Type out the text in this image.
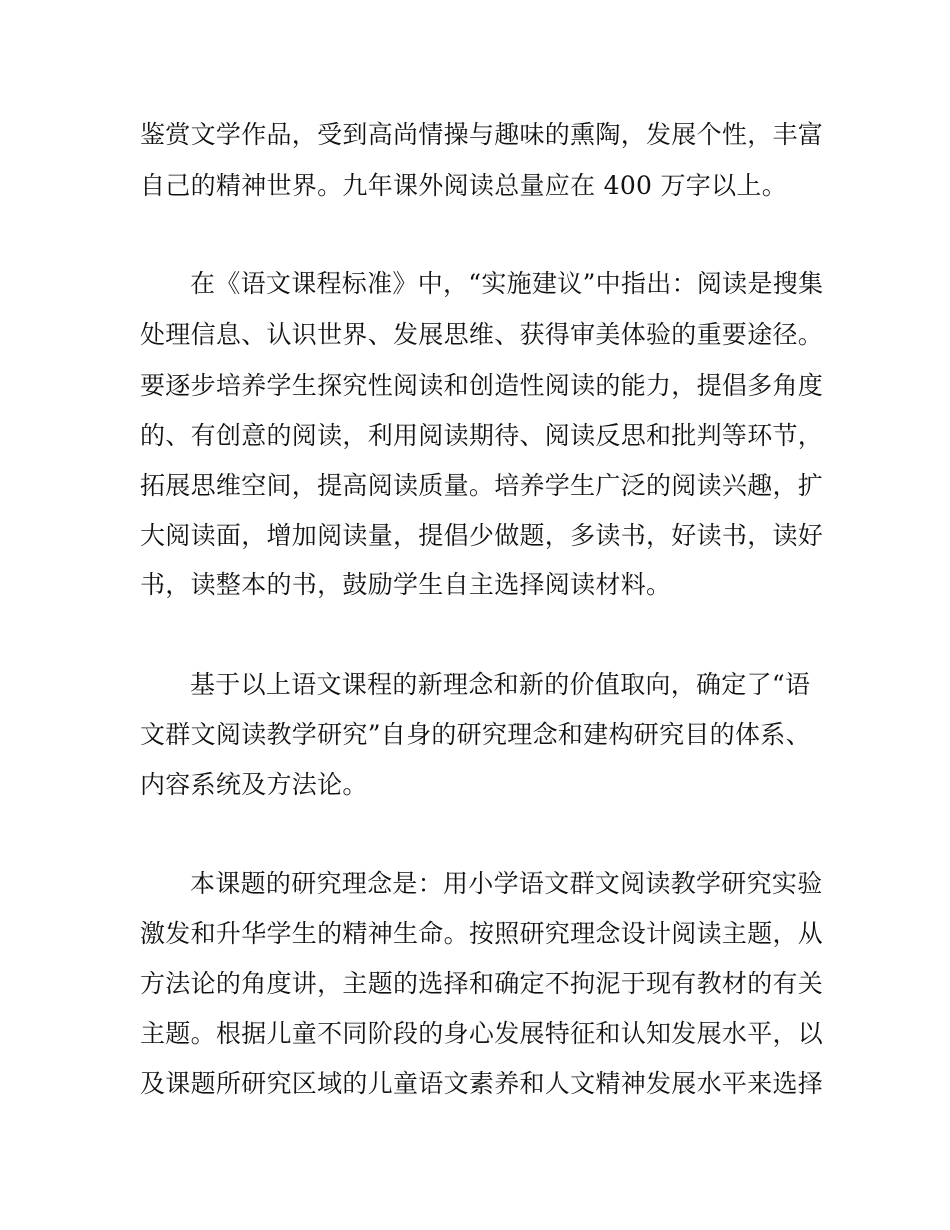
鉴赏文学作品，受到高尚情操与趣味的熏陶，发展个性，丰富
自己的精神世界。九年课外阅读总量应在 400 万字以上。
在《语文课程标准》中，“实施建议”中指出：阅读是搜集
处理信息、认识世界、发展思维、获得审美体验的重要途径。
要逐步培养学生探究性阅读和创造性阅读的能力，提倡多角度
的、有创意的阅读，利用阅读期待、阅读反思和批判等环节，
拓展思维空间，提高阅读质量。培养学生广泛的阅读兴趣，扩
大阅读面，增加阅读量，提倡少做题，多读书，好读书，读好
书，读整本的书，鼓励学生自主选择阅读材料。
基于以上语文课程的新理念和新的价值取向，确定了“语
文群文阅读教学研究”自身的研究理念和建构研究目的体系、
内容系统及方法论。
本课题的研究理念是：用小学语文群文阅读教学研究实验
激发和升华学生的精神生命。按照研究理念设计阅读主题，从
方法论的角度讲，主题的选择和确定不拘泥于现有教材的有关
主题。根据儿童不同阶段的身心发展特征和认知发展水平，以
及课题所研究区域的儿童语文素养和人文精神发展水平来选择
